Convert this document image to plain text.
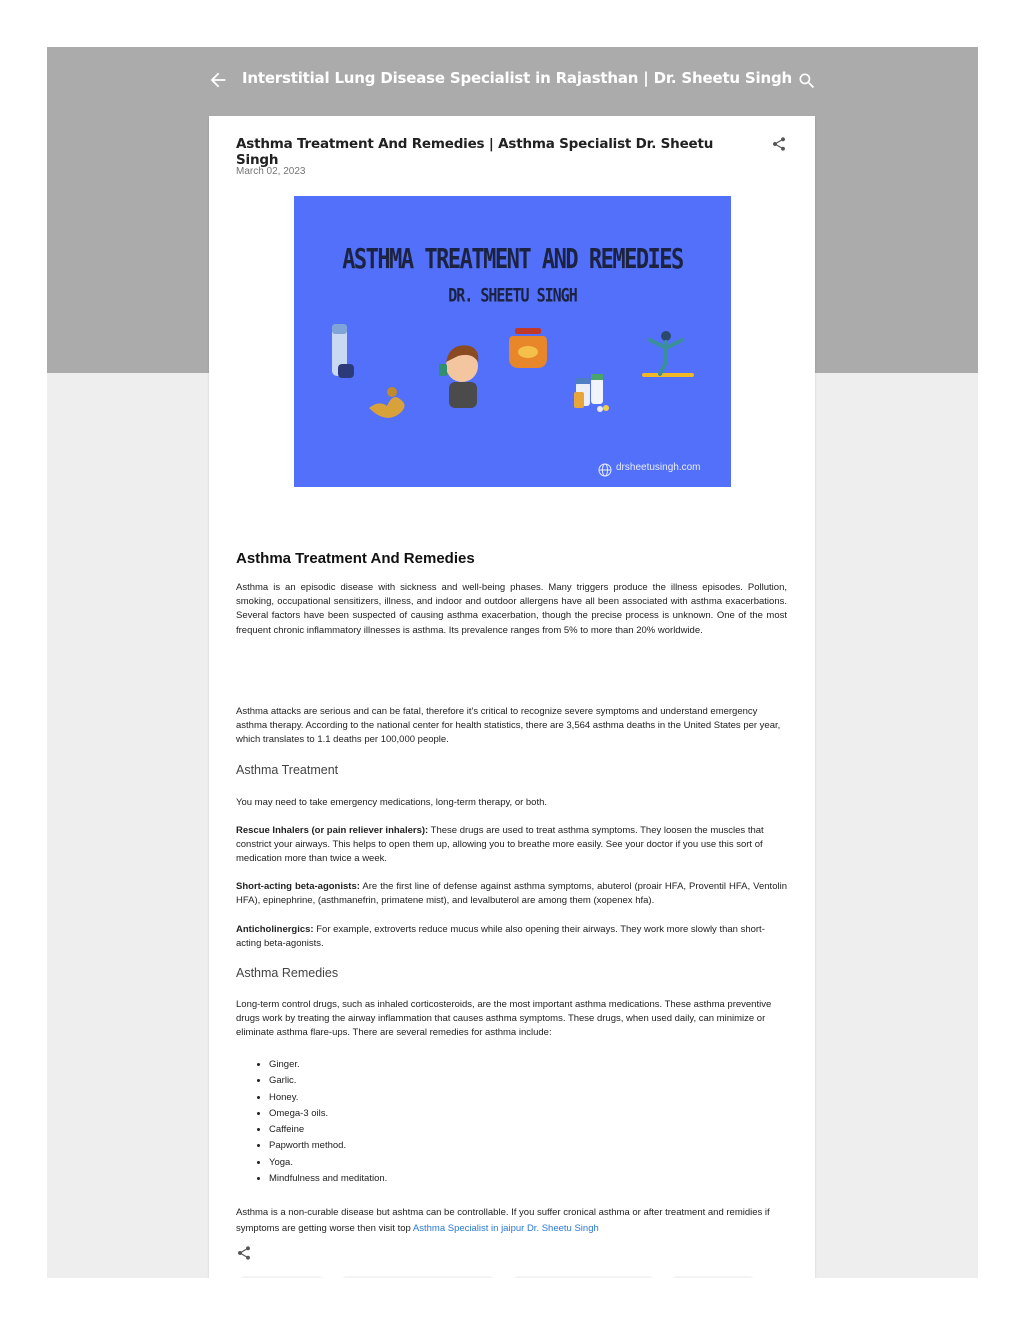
Interstitial Lung Disease Specialist in Rajasthan | Dr. Sheetu Singh
Asthma Treatment And Remedies | Asthma Specialist Dr. Sheetu Singh
March 02, 2023
ASTHMA TREATMENT AND REMEDIES
DR. SHEETU SINGH
drsheetusingh.com
Asthma is an episodic disease with sickness and well-being phases. Many triggers produce the illness episodes. Pollution, smoking, occupational sensitizers, illness, and indoor and outdoor allergens have all been associated with asthma exacerbations. Several factors have been suspected of causing asthma exacerbation, though the precise process is unknown. One of the most frequent chronic inflammatory illnesses is asthma. Its prevalence ranges from 5% to more than 20% worldwide.
Asthma Treatment And Remedies
Asthma attacks are serious and can be fatal, therefore it's critical to recognize severe symptoms and understand emergency asthma therapy. According to the national center for health statistics, there are 3,564 asthma deaths in the United States per year, which translates to 1.1 deaths per 100,000 people.
Asthma Treatment
You may need to take emergency medications, long-term therapy, or both.
Rescue Inhalers (or pain reliever inhalers): These drugs are used to treat asthma symptoms. They loosen the muscles that constrict your airways. This helps to open them up, allowing you to breathe more easily. See your doctor if you use this sort of medication more than twice a week.
Short-acting beta-agonists: Are the first line of defense against asthma symptoms, abuterol (proair HFA, Proventil HFA, Ventolin HFA), epinephrine, (asthmanefrin, primatene mist), and levalbuterol are among them (xopenex hfa).
Anticholinergics: For example, extroverts reduce mucus while also opening their airways. They work more slowly than short-acting beta-agonists.
Asthma Remedies
Long-term control drugs, such as inhaled corticosteroids, are the most important asthma medications. These asthma preventive drugs work by treating the airway inflammation that causes asthma symptoms. These drugs, when used daily, can minimize or eliminate asthma flare-ups. There are several remedies for asthma include:
• Ginger.
• Garlic.
• Honey.
• Omega-3 oils.
• Caffeine
• Papworth method.
• Yoga.
• Mindfulness and meditation.
Asthma is a non-curable disease but ashtma can be controllable. If you suffer cronical asthma or after treatment and remidies if symptoms are getting worse then visit top Asthma Specialist in jaipur Dr. Sheetu Singh
